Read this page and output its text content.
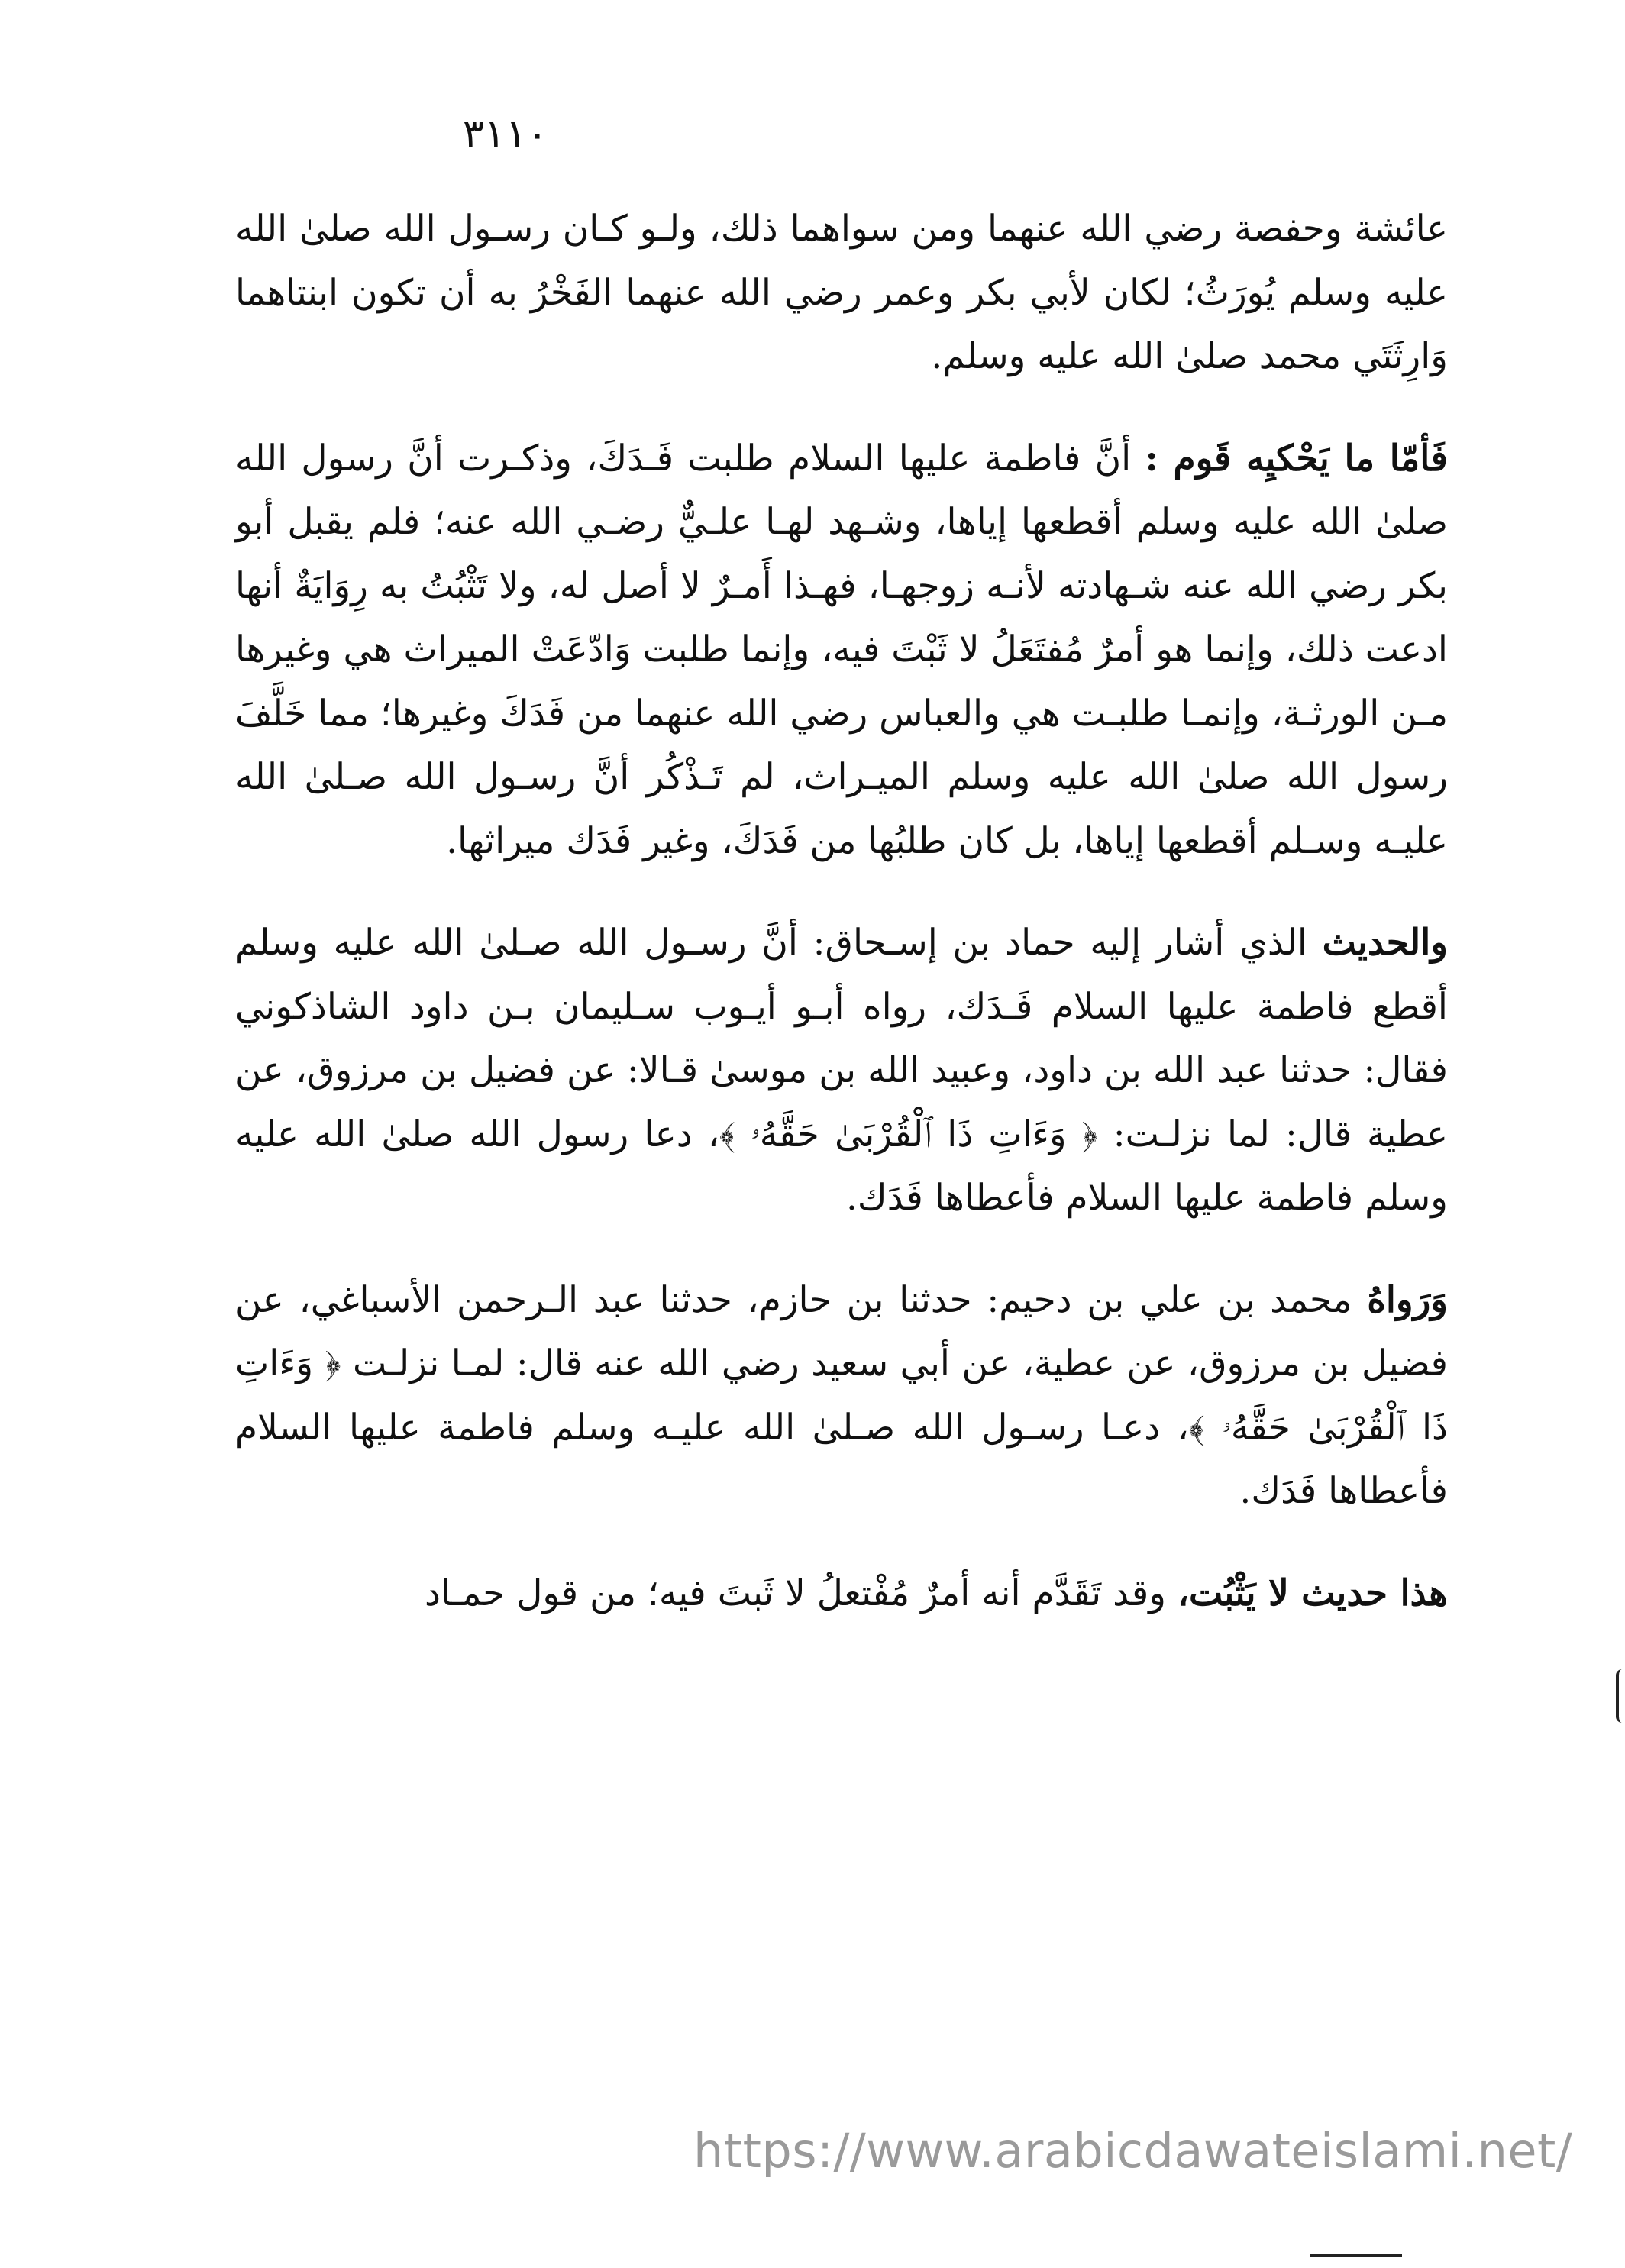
٣١١٠

عائشة وحفصة رضي الله عنهما ومن سواهما ذلك، ولـو كـان رسـول الله صلىٰ الله عليه وسلم يُورَثُ؛ لكان لأبي بكر وعمر رضي الله عنهما الفَخْرُ به أن تكون ابنتاهما وَارِثَتَي محمد صلىٰ الله عليه وسلم.

فَأمّا ما يَحْكيِه قَوم : أنَّ فاطمة عليها السلام طلبت فَـدَكَ، وذكـرت أنَّ رسول الله صلىٰ الله عليه وسلم أقطعها إياها، وشـهد لهـا علـيٌّ رضـي الله عنه؛ فلم يقبل أبو بكر رضي الله عنه شـهادته لأنـه زوجهـا، فهـذا أَمـرٌ لا أصل له، ولا تَثْبُتُ به رِوَايَةٌ أنها ادعت ذلك، وإنما هو أمرٌ مُفتَعَلُ لا ثَبْتَ فيه، وإنما طلبت وَادّعَتْ الميراث هي وغيرها مـن الورثـة، وإنمـا طلبـت هي والعباس رضي الله عنهما من فَدَكَ وغيرها؛ مما خَلَّفَ رسول الله صلىٰ الله عليه وسلم الميـراث، لم تَـذْكُر أنَّ رسـول الله صـلىٰ الله عليـه وسـلم أقطعها إياها، بل كان طلبُها من فَدَكَ، وغير فَدَك ميراثها.

والحديث الذي أشار إليه حماد بن إسـحاق: أنَّ رسـول الله صـلىٰ الله عليه وسلم أقطع فاطمة عليها السلام فَـدَك، رواه أبـو أيـوب سـليمان بـن داود الشاذكوني فقال: حدثنا عبد الله بن داود، وعبيد الله بن موسىٰ قـالا: عن فضيل بن مرزوق، عن عطية قال: لما نزلـت: ﴿ وَءَاتِ ذَا ٱلْقُرْبَىٰ حَقَّهُۥ ﴾، دعا رسول الله صلىٰ الله عليه وسلم فاطمة عليها السلام فأعطاها فَدَك.

وَرَواهُ محمد بن علي بن دحيم: حدثنا بن حازم، حدثنا عبد الـرحمن الأسباغي، عن فضيل بن مرزوق، عن عطية، عن أبي سعيد رضي الله عنه قال: لمـا نزلـت ﴿ وَءَاتِ ذَا ٱلْقُرْبَىٰ حَقَّهُۥ ﴾، دعـا رسـول الله صـلىٰ الله عليـه وسلم فاطمة عليها السلام فأعطاها فَدَك.

هذا حديث لا يَثْبُت، وقد تَقَدَّم أنه أمرٌ مُفْتعلُ لا ثَبتَ فيه؛ من قول حمـاد

https://www.arabicdawateislami.net/
